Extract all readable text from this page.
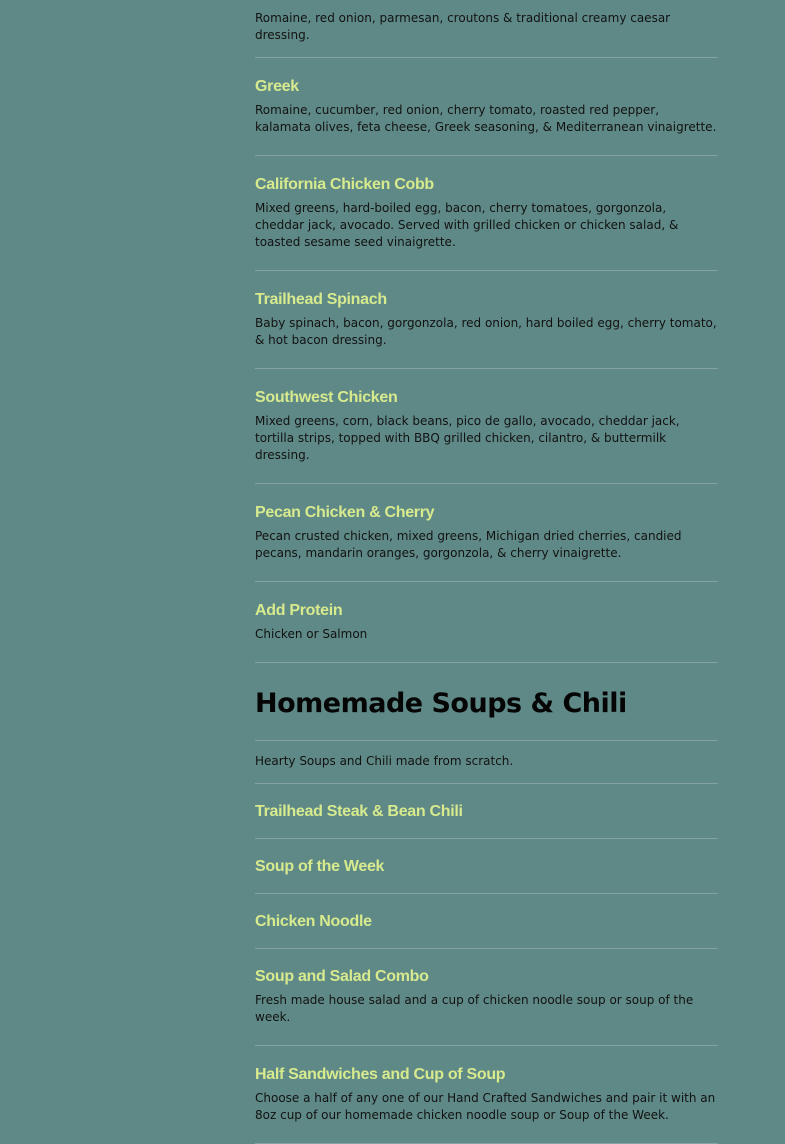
Romaine, red onion, parmesan, croutons & traditional creamy caesar dressing.

Greek

Romaine, cucumber, red onion, cherry tomato, roasted red pepper, kalamata olives, feta cheese, Greek seasoning, & Mediterranean vinaigrette.

California Chicken Cobb

Mixed greens, hard-boiled egg, bacon, cherry tomatoes, gorgonzola, cheddar jack, avocado. Served with grilled chicken or chicken salad, & toasted sesame seed vinaigrette.

Trailhead Spinach

Baby spinach, bacon, gorgonzola, red onion, hard boiled egg, cherry tomato, & hot bacon dressing.

Southwest Chicken

Mixed greens, corn, black beans, pico de gallo, avocado, cheddar jack, tortilla strips, topped with BBQ grilled chicken, cilantro, & buttermilk dressing.

Pecan Chicken & Cherry

Pecan crusted chicken, mixed greens, Michigan dried cherries, candied pecans, mandarin oranges, gorgonzola, & cherry vinaigrette.

Add Protein

Chicken or Salmon

Homemade Soups & Chili

Hearty Soups and Chili made from scratch.

Trailhead Steak & Bean Chili
Soup of the Week
Chicken Noodle
Soup and Salad Combo

Fresh made house salad and a cup of chicken noodle soup or soup of the week.

Half Sandwiches and Cup of Soup

Choose a half of any one of our Hand Crafted Sandwiches and pair it with an 8oz cup of our homemade chicken noodle soup or Soup of the Week.
